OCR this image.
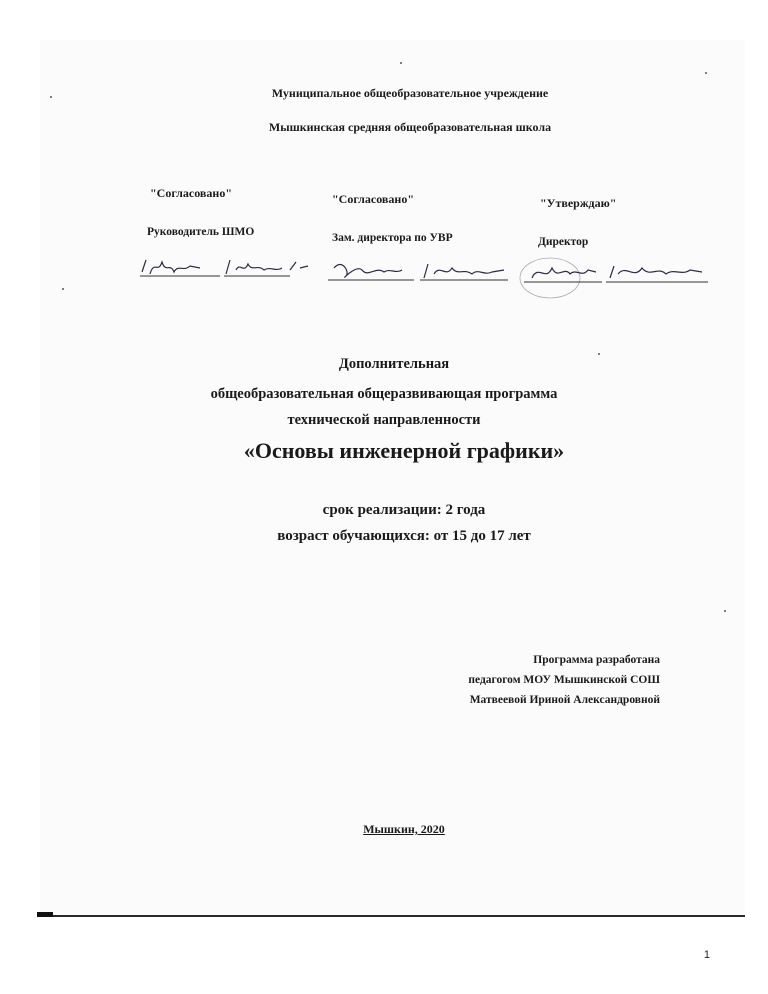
Муниципальное общеобразовательное учреждение
Мышкинская средняя общеобразовательная школа
"Согласовано"
Руководитель ШМО
"Согласовано"
Зам. директора по УВР
"Утверждаю"
Директор
Дополнительная
общеобразовательная общеразвивающая программа
технической направленности
«Основы инженерной графики»
срок реализации: 2 года
возраст обучающихся: от 15 до 17 лет
Программа разработана
педагогом МОУ Мышкинской СОШ
Матвеевой Ириной Александровной
Мышкин, 2020
1
